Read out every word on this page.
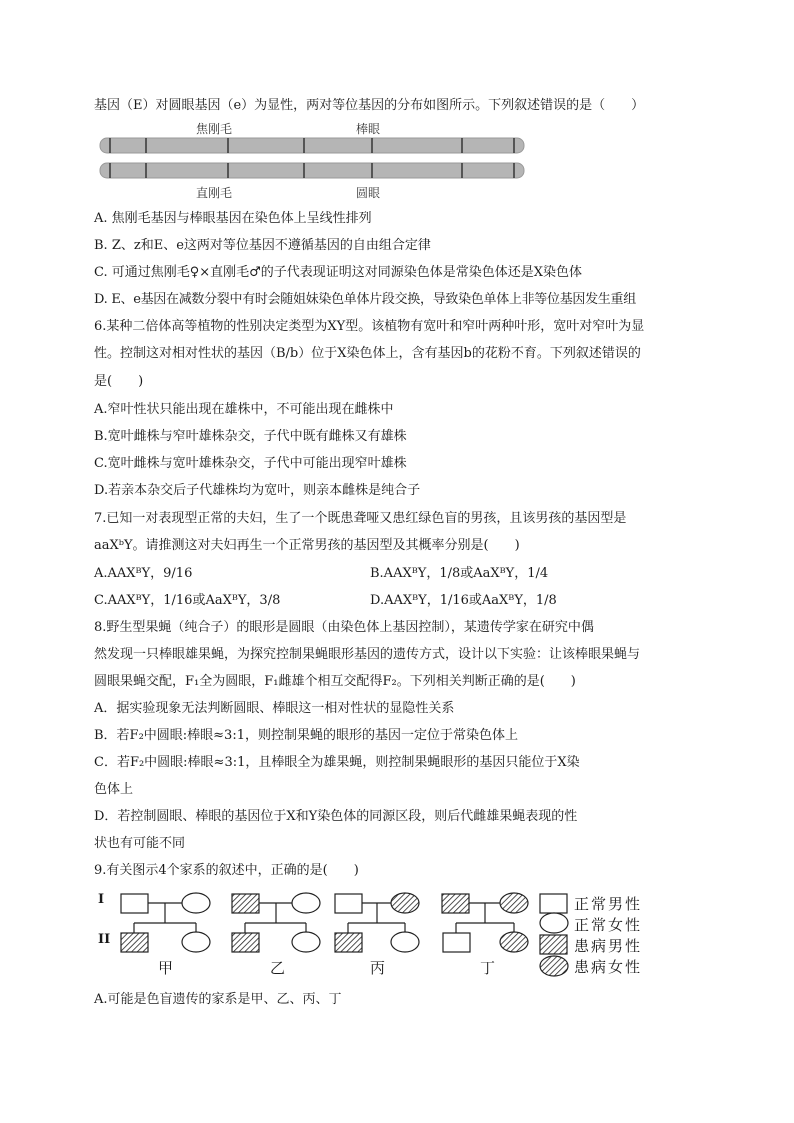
基因（E）对圆眼基因（e）为显性，两对等位基因的分布如图所示。下列叙述错误的是（　　）
焦刚毛	棒眼
直刚毛	圆眼
A. 焦刚毛基因与棒眼基因在染色体上呈线性排列
B. Z、z和E、e这两对等位基因不遵循基因的自由组合定律
C. 可通过焦刚毛♀×直刚毛♂的子代表现证明这对同源染色体是常染色体还是X染色体
D. E、e基因在减数分裂中有时会随姐妹染色单体片段交换，导致染色单体上非等位基因发生重组
6.某种二倍体高等植物的性别决定类型为XY型。该植物有宽叶和窄叶两种叶形，宽叶对窄叶为显
性。控制这对相对性状的基因（B/b）位于X染色体上，含有基因b的花粉不育。下列叙述错误的
是(　　)
A.窄叶性状只能出现在雄株中，不可能出现在雌株中
B.宽叶雌株与窄叶雄株杂交，子代中既有雌株又有雄株
C.宽叶雌株与宽叶雄株杂交，子代中可能出现窄叶雄株
D.若亲本杂交后子代雄株均为宽叶，则亲本雌株是纯合子
7.已知一对表现型正常的夫妇，生了一个既患聋哑又患红绿色盲的男孩，且该男孩的基因型是
aaXᵇY。请推测这对夫妇再生一个正常男孩的基因型及其概率分别是(　　)
A.AAXᴮY，9/16	B.AAXᴮY，1/8或AaXᴮY，1/4
C.AAXᴮY，1/16或AaXᴮY，3/8	D.AAXᴮY，1/16或AaXᴮY，1/8
8.野生型果蝇（纯合子）的眼形是圆眼（由染色体上基因控制），某遗传学家在研究中偶
然发现一只棒眼雄果蝇，为探究控制果蝇眼形基因的遗传方式，设计以下实验：让该棒眼果蝇与
圆眼果蝇交配，F₁全为圆眼，F₁雌雄个相互交配得F₂。下列相关判断正确的是(　　)
A．据实验现象无法判断圆眼、棒眼这一相对性状的显隐性关系
B．若F₂中圆眼:棒眼≈3:1，则控制果蝇的眼形的基因一定位于常染色体上
C．若F₂中圆眼:棒眼≈3:1，且棒眼全为雄果蝇，则控制果蝇眼形的基因只能位于X染
色体上
D．若控制圆眼、棒眼的基因位于X和Y染色体的同源区段，则后代雌雄果蝇表现的性
状也有可能不同
9.有关图示4个家系的叙述中，正确的是(　　)
I
II
甲	乙	丙	丁
正常男性
正常女性
患病男性
患病女性
A.可能是色盲遗传的家系是甲、乙、丙、丁
